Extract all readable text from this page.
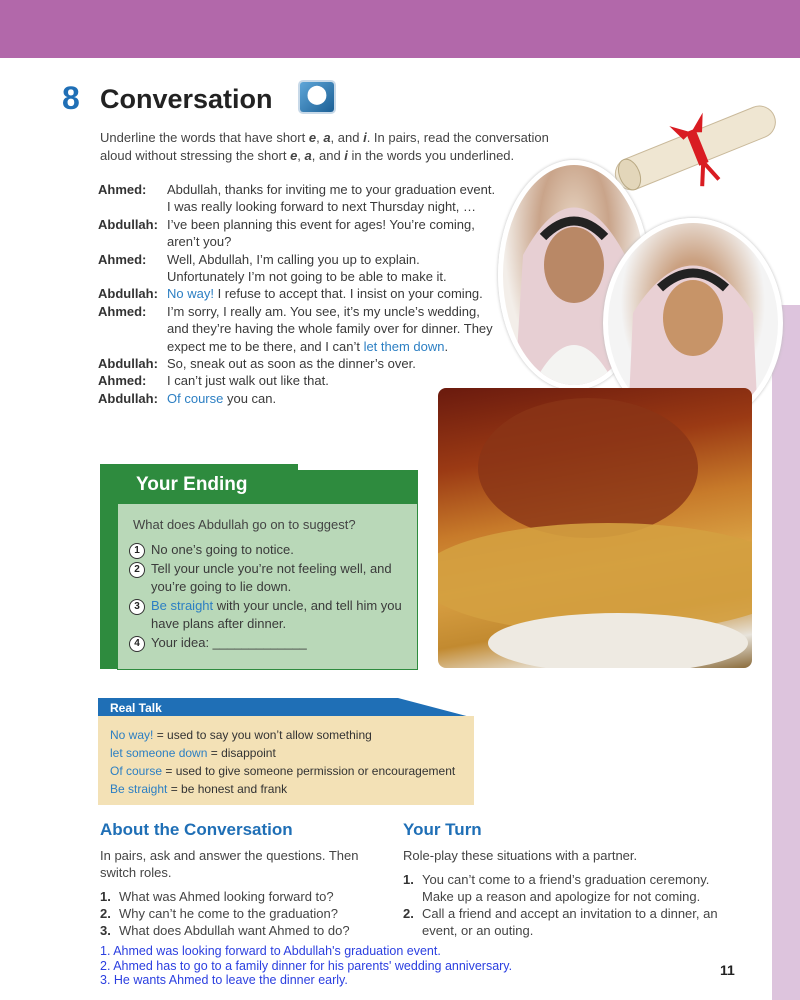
8 Conversation	⬤
Underline the words that have short e, a, and i. In pairs, read the conversation aloud without stressing the short e, a, and i in the words you underlined.
Ahmed:	Abdullah, thanks for inviting me to your graduation event. I was really looking forward to next Thursday night, …
Abdullah: I’ve been planning this event for ages! You’re coming, aren’t you?
Ahmed:	Well, Abdullah, I’m calling you up to explain. Unfortunately I’m not going to be able to make it.
Abdullah: No way! I refuse to accept that. I insist on your coming.
Ahmed:	I’m sorry, I really am. You see, it’s my uncle’s wedding, and they’re having the whole family over for dinner. They expect me to be there, and I can’t let them down.
Abdullah: So, sneak out as soon as the dinner’s over.
Ahmed:	I can’t just walk out like that.
Abdullah: Of course you can.
Your Ending
What does Abdullah go on to suggest?
1 No one’s going to notice.
2 Tell your uncle you’re not feeling well, and you’re going to lie down.
3 Be straight with your uncle, and tell him you have plans after dinner.
4 Your idea: _____________
Real Talk
No way! = used to say you won’t allow something
let someone down = disappoint
Of course = used to give someone permission or encouragement
Be straight = be honest and frank
About the Conversation
In pairs, ask and answer the questions. Then switch roles.
1. What was Ahmed looking forward to?
2. Why can’t he come to the graduation?
3. What does Abdullah want Ahmed to do?
Your Turn
Role-play these situations with a partner.
1. You can’t come to a friend’s graduation ceremony. Make up a reason and apologize for not coming.
2. Call a friend and accept an invitation to a dinner, an event, or an outing.
1. Ahmed was looking forward to Abdullah's graduation event.
2. Ahmed has to go to a family dinner for his parents' wedding anniversary.
3. He wants Ahmed to leave the dinner early.
11
